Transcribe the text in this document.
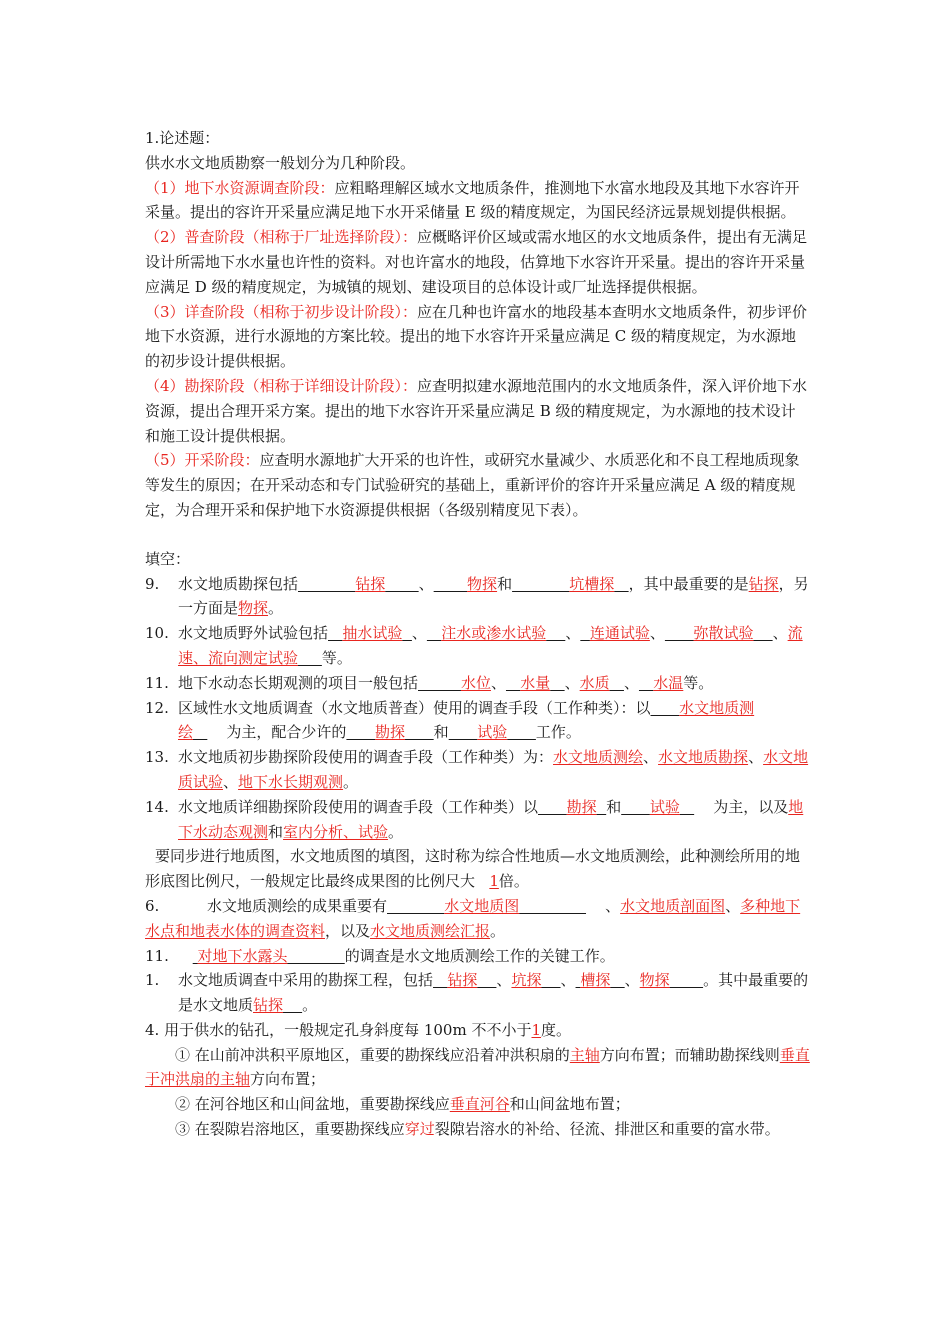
1.论述题：

供水水文地质勘察一般划分为几种阶段。

（1）地下水资源调查阶段：应粗略理解区域水文地质条件，推测地下水富水地段及其地下水容许开采量。提出的容许开采量应满足地下水开采储量 E 级的精度规定，为国民经济远景规划提供根据。

（2）普查阶段（相称于厂址选择阶段）：应概略评价区域或需水地区的水文地质条件，提出有无满足设计所需地下水水量也许性的资料。对也许富水的地段，估算地下水容许开采量。提出的容许开采量应满足 D 级的精度规定，为城镇的规划、建设项目的总体设计或厂址选择提供根据。

（3）详查阶段（相称于初步设计阶段）：应在几种也许富水的地段基本查明水文地质条件，初步评价地下水资源，进行水源地的方案比较。提出的地下水容许开采量应满足 C 级的精度规定，为水源地的初步设计提供根据。

（4）勘探阶段（相称于详细设计阶段）：应查明拟建水源地范围内的水文地质条件，深入评价地下水资源，提出合理开采方案。提出的地下水容许开采量应满足 B 级的精度规定，为水源地的技术设计和施工设计提供根据。

（5）开采阶段：应查明水源地扩大开采的也许性，或研究水量减少、水质恶化和不良工程地质现象等发生的原因；在开采动态和专门试验研究的基础上，重新评价的容许开采量应满足 A 级的精度规定，为合理开采和保护地下水资源提供根据（各级别精度见下表）。

填空：

9. 水文地质勘探包括	钻探 、 物探和	坑槽探 ，其中最重要的是钻探，另一方面是物探。

10. 水文地质野外试验包括 抽水试验 、 注水或渗水试验 、 连通试验、 弥散试验 、流速、流向测定试验 等。

11. 地下水动态长期观测的项目一般包括	水位、 水量 、水质 、 水温等。

12. 区域性水文地质调查（水文地质普查）使用的调查手段（工作种类）：以 水文地质测绘 为主，配合少许的 勘探 和 试验 工作。

13. 水文地质初步勘探阶段使用的调查手段（工作种类）为：水文地质测绘、水文地质勘探、水文地质试验、地下水长期观测。

14. 水文地质详细勘探阶段使用的调查手段（工作种类）以 勘探 和 试验 为主，以及地下水动态观测和室内分析、试验。

要同步进行地质图，水文地质图的填图，这时称为综合性地质—水文地质测绘，此种测绘所用的地形底图比例尺，一般规定比最终成果图的比例尺大 1倍。

6.	水文地质测绘的成果重要有	水文地质图	、水文地质剖面图、多种地下水点和地表水体的调查资料，以及水文地质测绘汇报。

11. 对地下水露头	的调查是水文地质测绘工作的关键工作。

1. 水文地质调查中采用的勘探工程，包括 钻探 、坑探 、 槽探 、物探 。其中最重要的是水文地质钻探 。

4. 用于供水的钻孔，一般规定孔身斜度每 100m 不不小于1度。

① 在山前冲洪积平原地区，重要的勘探线应沿着冲洪积扇的主轴方向布置；而辅助勘探线则垂直于冲洪扇的主轴方向布置；

② 在河谷地区和山间盆地，重要勘探线应垂直河谷和山间盆地布置；

③ 在裂隙岩溶地区，重要勘探线应穿过裂隙岩溶水的补给、径流、排泄区和重要的富水带。
